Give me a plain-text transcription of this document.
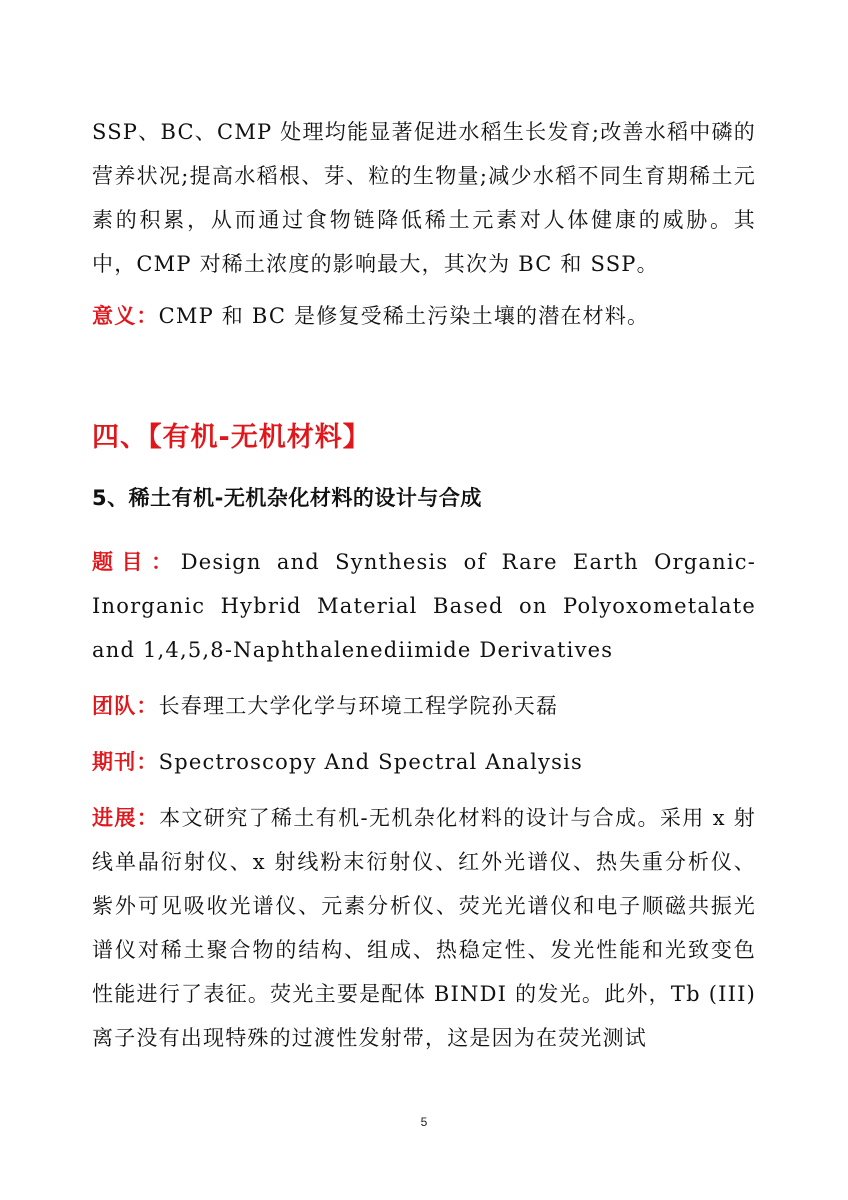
SSP、BC、CMP 处理均能显著促进水稻生长发育;改善水稻中磷的营养状况;提高水稻根、芽、粒的生物量;减少水稻不同生育期稀土元素的积累，从而通过食物链降低稀土元素对人体健康的威胁。其中，CMP 对稀土浓度的影响最大，其次为 BC 和 SSP。

意义：CMP 和 BC 是修复受稀土污染土壤的潜在材料。

四、【有机-无机材料】
5、稀土有机-无机杂化材料的设计与合成

题目：Design and Synthesis of Rare Earth Organic-Inorganic Hybrid Material Based on Polyoxometalate and 1,4,5,8-Naphthalenediimide Derivatives

团队：长春理工大学化学与环境工程学院孙天磊

期刊：Spectroscopy And Spectral Analysis

进展：本文研究了稀土有机-无机杂化材料的设计与合成。采用 x 射线单晶衍射仪、x 射线粉末衍射仪、红外光谱仪、热失重分析仪、紫外可见吸收光谱仪、元素分析仪、荧光光谱仪和电子顺磁共振光谱仪对稀土聚合物的结构、组成、热稳定性、发光性能和光致变色性能进行了表征。荧光主要是配体 BINDI 的发光。此外，Tb (III)离子没有出现特殊的过渡性发射带，这是因为在荧光测试

5
